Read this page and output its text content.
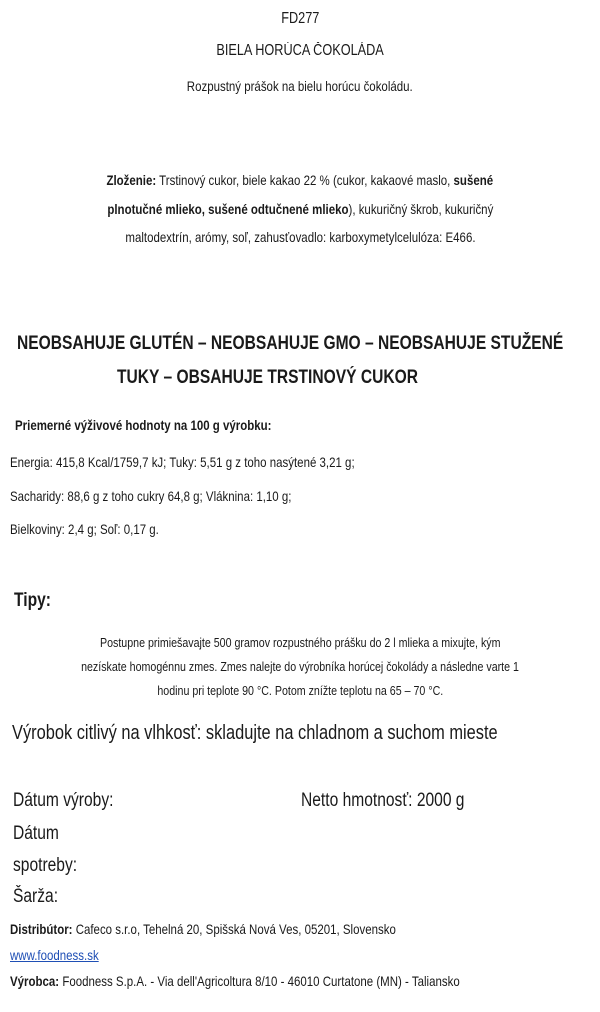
FD277
BIELA HORÚCA ČOKOLÁDA
Rozpustný prášok na bielu horúcu čokoládu.
Zloženie: Trstinový cukor, biele kakao 22 % (cukor, kakaové maslo, sušené
plnotučné mlieko, sušené odtučnené mlieko), kukuričný škrob, kukuričný
maltodextrín, arómy, soľ, zahusťovadlo: karboxymetylcelulóza: E466.
NEOBSAHUJE GLUTÉN – NEOBSAHUJE GMO – NEOBSAHUJE STUŽENÉ
TUKY – OBSAHUJE TRSTINOVÝ CUKOR
Priemerné výživové hodnoty na 100 g výrobku:
Energia: 415,8 Kcal/1759,7 kJ; Tuky: 5,51 g z toho nasýtené 3,21 g;
Sacharidy: 88,6 g z toho cukry 64,8 g; Vláknina: 1,10 g;
Bielkoviny: 2,4 g; Soľ: 0,17 g.
Tipy:
Postupne primiešavajte 500 gramov rozpustného prášku do 2 l mlieka a mixujte, kým
nezískate homogénnu zmes. Zmes nalejte do výrobníka horúcej čokolády a následne varte 1
hodinu pri teplote 90 °C. Potom znížte teplotu na 65 – 70 °C.
Výrobok citlivý na vlhkosť: skladujte na chladnom a suchom mieste
Dátum výroby:	Netto hmotnosť: 2000 g
Dátum
spotreby:
Šarža:
Distribútor: Cafeco s.r.o, Tehelná 20, Spišská Nová Ves, 05201, Slovensko
www.foodness.sk
Výrobca: Foodness S.p.A. - Via dell'Agricoltura 8/10 - 46010 Curtatone (MN) - Taliansko
